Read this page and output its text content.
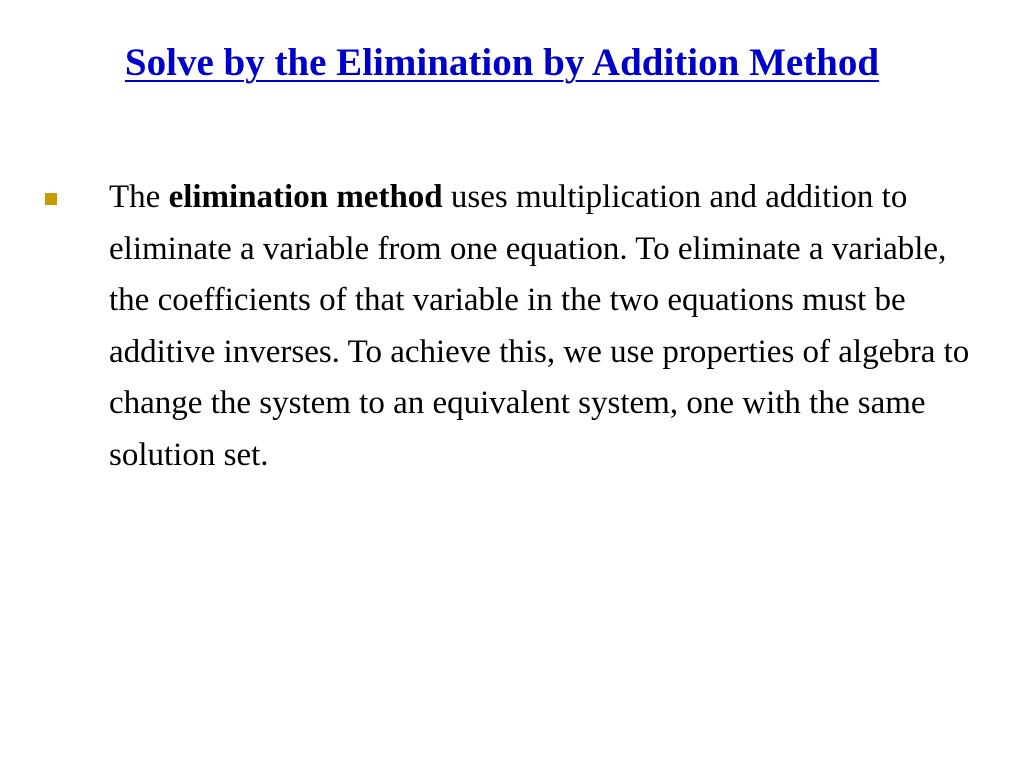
Solve by the Elimination by Addition Method
The elimination method uses multiplication and addition to eliminate a variable from one equation. To eliminate a variable, the coefficients of that variable in the two equations must be additive inverses. To achieve this, we use properties of algebra to change the system to an equivalent system, one with the same solution set.
